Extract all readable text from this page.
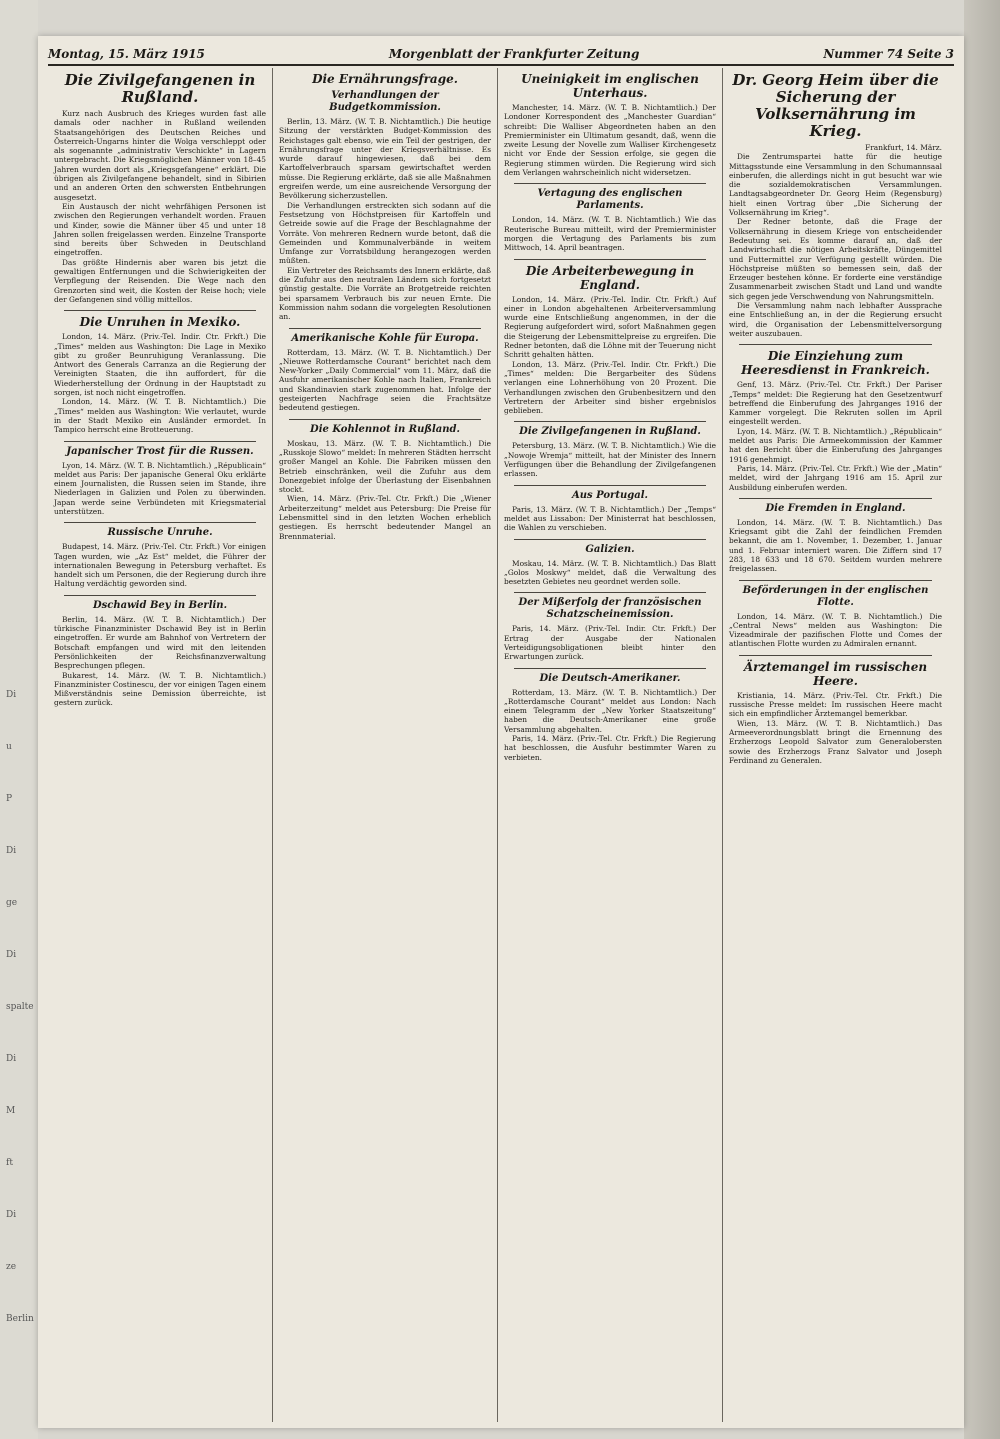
Di
u
P
Di
ge
Di
spalte
Di
M
ft
Di
ze
Berlin
Montag, 15. März 1915	Morgenblatt der Frankfurter Zeitung	Nummer 74 Seite 3
Die Zivilgefangenen in Rußland.

Kurz nach Ausbruch des Krieges wurden fast alle damals oder nachher in Rußland weilenden Staatsangehörigen des Deutschen Reiches und Österreich-Ungarns hinter die Wolga verschleppt oder als sogenannte „administrativ Verschickte“ in Lagern untergebracht. Die Kriegsmöglichen Männer von 18–45 Jahren wurden dort als „Kriegsgefangene“ erklärt. Die übrigen als Zivilgefangene behandelt, sind in Sibirien und an anderen Orten den schwersten Entbehrungen ausgesetzt.

Ein Austausch der nicht wehrfähigen Personen ist zwischen den Regierungen verhandelt worden. Frauen und Kinder, sowie die Männer über 45 und unter 18 Jahren sollen freigelassen werden. Einzelne Transporte sind bereits über Schweden in Deutschland eingetroffen.

Das größte Hindernis aber waren bis jetzt die gewaltigen Entfernungen und die Schwierigkeiten der Verpflegung der Reisenden. Die Wege nach den Grenzorten sind weit, die Kosten der Reise hoch; viele der Gefangenen sind völlig mittellos.

Die Unruhen in Mexiko.

London, 14. März. (Priv.-Tel. Indir. Ctr. Frkft.) Die „Times“ melden aus Washington: Die Lage in Mexiko gibt zu großer Beunruhigung Veranlassung. Die Antwort des Generals Carranza an die Regierung der Vereinigten Staaten, die ihn auffordert, für die Wiederherstellung der Ordnung in der Hauptstadt zu sorgen, ist noch nicht eingetroffen.

London, 14. März. (W. T. B. Nichtamtlich.) Die „Times“ melden aus Washington: Wie verlautet, wurde in der Stadt Mexiko ein Ausländer ermordet. In Tampico herrscht eine Brotteuerung.

Japanischer Trost für die Russen.

Lyon, 14. März. (W. T. B. Nichtamtlich.) „Républicain“ meldet aus Paris: Der japanische General Oku erklärte einem Journalisten, die Russen seien im Stande, ihre Niederlagen in Galizien und Polen zu überwinden. Japan werde seine Verbündeten mit Kriegsmaterial unterstützen.

Russische Unruhe.

Budapest, 14. März. (Priv.-Tel. Ctr. Frkft.) Vor einigen Tagen wurden, wie „Az Est“ meldet, die Führer der internationalen Bewegung in Petersburg verhaftet. Es handelt sich um Personen, die der Regierung durch ihre Haltung verdächtig geworden sind.

Dschawid Bey in Berlin.

Berlin, 14. März. (W. T. B. Nichtamtlich.) Der türkische Finanzminister Dschawid Bey ist in Berlin eingetroffen. Er wurde am Bahnhof von Vertretern der Botschaft empfangen und wird mit den leitenden Persönlichkeiten der Reichsfinanzverwaltung Besprechungen pflegen.

Bukarest, 14. März. (W. T. B. Nichtamtlich.) Finanzminister Costinescu, der vor einigen Tagen einem Mißverständnis seine Demission überreichte, ist gestern zurück.

Die Ernährungsfrage.
Verhandlungen der Budgetkommission.

Berlin, 13. März. (W. T. B. Nichtamtlich.) Die heutige Sitzung der verstärkten Budget-Kommission des Reichstages galt ebenso, wie ein Teil der gestrigen, der Ernährungsfrage unter der Kriegsverhältnisse. Es wurde darauf hingewiesen, daß bei dem Kartoffelverbrauch sparsam gewirtschaftet werden müsse. Die Regierung erklärte, daß sie alle Maßnahmen ergreifen werde, um eine ausreichende Versorgung der Bevölkerung sicherzustellen.

Die Verhandlungen erstreckten sich sodann auf die Festsetzung von Höchstpreisen für Kartoffeln und Getreide sowie auf die Frage der Beschlagnahme der Vorräte. Von mehreren Rednern wurde betont, daß die Gemeinden und Kommunalverbände in weitem Umfange zur Vorratsbildung herangezogen werden müßten.

Ein Vertreter des Reichsamts des Innern erklärte, daß die Zufuhr aus den neutralen Ländern sich fortgesetzt günstig gestalte. Die Vorräte an Brotgetreide reichten bei sparsamem Verbrauch bis zur neuen Ernte. Die Kommission nahm sodann die vorgelegten Resolutionen an.

Amerikanische Kohle für Europa.

Rotterdam, 13. März. (W. T. B. Nichtamtlich.) Der „Nieuwe Rotterdamsche Courant“ berichtet nach dem New-Yorker „Daily Commercial“ vom 11. März, daß die Ausfuhr amerikanischer Kohle nach Italien, Frankreich und Skandinavien stark zugenommen hat. Infolge der gesteigerten Nachfrage seien die Frachtsätze bedeutend gestiegen.

Die Kohlennot in Rußland.

Moskau, 13. März. (W. T. B. Nichtamtlich.) Die „Russkoje Slowo“ meldet: In mehreren Städten herrscht großer Mangel an Kohle. Die Fabriken müssen den Betrieb einschränken, weil die Zufuhr aus dem Donezgebiet infolge der Überlastung der Eisenbahnen stockt.

Wien, 14. März. (Priv.-Tel. Ctr. Frkft.) Die „Wiener Arbeiterzeitung“ meldet aus Petersburg: Die Preise für Lebensmittel sind in den letzten Wochen erheblich gestiegen. Es herrscht bedeutender Mangel an Brennmaterial.

Uneinigkeit im englischen Unterhaus.

Manchester, 14. März. (W. T. B. Nichtamtlich.) Der Londoner Korrespondent des „Manchester Guardian“ schreibt: Die Walliser Abgeordneten haben an den Premierminister ein Ultimatum gesandt, daß, wenn die zweite Lesung der Novelle zum Walliser Kirchengesetz nicht vor Ende der Session erfolge, sie gegen die Regierung stimmen würden. Die Regierung wird sich dem Verlangen wahrscheinlich nicht widersetzen.

Vertagung des englischen Parlaments.

London, 14. März. (W. T. B. Nichtamtlich.) Wie das Reuterische Bureau mitteilt, wird der Premierminister morgen die Vertagung des Parlaments bis zum Mittwoch, 14. April beantragen.

Die Arbeiterbewegung in England.

London, 14. März. (Priv.-Tel. Indir. Ctr. Frkft.) Auf einer in London abgehaltenen Arbeiterversammlung wurde eine Entschließung angenommen, in der die Regierung aufgefordert wird, sofort Maßnahmen gegen die Steigerung der Lebensmittelpreise zu ergreifen. Die Redner betonten, daß die Löhne mit der Teuerung nicht Schritt gehalten hätten.

London, 13. März. (Priv.-Tel. Indir. Ctr. Frkft.) Die „Times“ melden: Die Bergarbeiter des Südens verlangen eine Lohnerhöhung von 20 Prozent. Die Verhandlungen zwischen den Grubenbesitzern und den Vertretern der Arbeiter sind bisher ergebnislos geblieben.

Die Zivilgefangenen in Rußland.

Petersburg, 13. März. (W. T. B. Nichtamtlich.) Wie die „Nowoje Wremja“ mitteilt, hat der Minister des Innern Verfügungen über die Behandlung der Zivilgefangenen erlassen.

Aus Portugal.

Paris, 13. März. (W. T. B. Nichtamtlich.) Der „Temps“ meldet aus Lissabon: Der Ministerrat hat beschlossen, die Wahlen zu verschieben.

Galizien.

Moskau, 14. März. (W. T. B. Nichtamtlich.) Das Blatt „Golos Moskwy“ meldet, daß die Verwaltung des besetzten Gebietes neu geordnet werden solle.

Der Mißerfolg der französischen Schatzscheinemission.

Paris, 14. März. (Priv.-Tel. Indir. Ctr. Frkft.) Der Ertrag der Ausgabe der Nationalen Verteidigungsobligationen bleibt hinter den Erwartungen zurück.

Die Deutsch-Amerikaner.

Rotterdam, 13. März. (W. T. B. Nichtamtlich.) Der „Rotterdamsche Courant“ meldet aus London: Nach einem Telegramm der „New Yorker Staatszeitung“ haben die Deutsch-Amerikaner eine große Versammlung abgehalten.

Paris, 14. März. (Priv.-Tel. Ctr. Frkft.) Die Regierung hat beschlossen, die Ausfuhr bestimmter Waren zu verbieten.

Dr. Georg Heim über die Sicherung der Volksernährung im Krieg.
Frankfurt, 14. März.

Die Zentrumspartei hatte für die heutige Mittagsstunde eine Versammlung in den Schumannsaal einberufen, die allerdings nicht in gut besucht war wie die sozialdemokratischen Versammlungen. Landtagsabgeordneter Dr. Georg Heim (Regensburg) hielt einen Vortrag über „Die Sicherung der Volksernährung im Krieg“.

Der Redner betonte, daß die Frage der Volksernährung in diesem Kriege von entscheidender Bedeutung sei. Es komme darauf an, daß der Landwirtschaft die nötigen Arbeitskräfte, Düngemittel und Futtermittel zur Verfügung gestellt würden. Die Höchstpreise müßten so bemessen sein, daß der Erzeuger bestehen könne. Er forderte eine verständige Zusammenarbeit zwischen Stadt und Land und wandte sich gegen jede Verschwendung von Nahrungsmitteln.

Die Versammlung nahm nach lebhafter Aussprache eine Entschließung an, in der die Regierung ersucht wird, die Organisation der Lebensmittelversorgung weiter auszubauen.

Die Einziehung zum Heeresdienst in Frankreich.

Genf, 13. März. (Priv.-Tel. Ctr. Frkft.) Der Pariser „Temps“ meldet: Die Regierung hat den Gesetzentwurf betreffend die Einberufung des Jahrganges 1916 der Kammer vorgelegt. Die Rekruten sollen im April eingestellt werden.

Lyon, 14. März. (W. T. B. Nichtamtlich.) „Républicain“ meldet aus Paris: Die Armeekommission der Kammer hat den Bericht über die Einberufung des Jahrganges 1916 genehmigt.

Paris, 14. März. (Priv.-Tel. Ctr. Frkft.) Wie der „Matin“ meldet, wird der Jahrgang 1916 am 15. April zur Ausbildung einberufen werden.

Die Fremden in England.

London, 14. März. (W. T. B. Nichtamtlich.) Das Kriegsamt gibt die Zahl der feindlichen Fremden bekannt, die am 1. November, 1. Dezember, 1. Januar und 1. Februar interniert waren. Die Ziffern sind 17 283, 18 633 und 18 670. Seitdem wurden mehrere freigelassen.

Beförderungen in der englischen Flotte.

London, 14. März. (W. T. B. Nichtamtlich.) Die „Central News“ melden aus Washington: Die Vizeadmirale der pazifischen Flotte und Comes der atlantischen Flotte wurden zu Admiralen ernannt.

Ärztemangel im russischen Heere.

Kristiania, 14. März. (Priv.-Tel. Ctr. Frkft.) Die russische Presse meldet: Im russischen Heere macht sich ein empfindlicher Ärztemangel bemerkbar.

Wien, 13. März. (W. T. B. Nichtamtlich.) Das Armeeverordnungsblatt bringt die Ernennung des Erzherzogs Leopold Salvator zum Generalobersten sowie des Erzherzogs Franz Salvator und Joseph Ferdinand zu Generalen.
